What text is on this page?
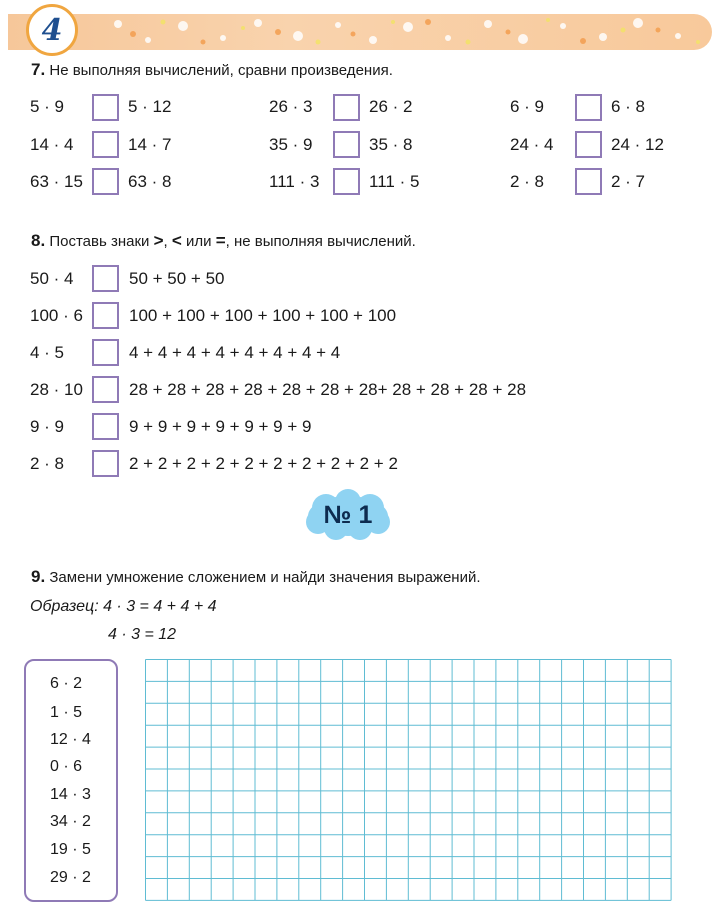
4
7. Не выполняя вычислений, сравни произведения.
5 · 9	5 · 12	26 · 3	26 · 2	6 · 9	6 · 8
14 · 4	14 · 7	35 · 9	35 · 8	24 · 4	24 · 12
63 · 15	63 · 8	111 · 3	111 · 5	2 · 8	2 · 7
8. Поставь знаки >, < или =, не выполняя вычислений.
50 · 4	50 + 50 + 50
100 · 6	100 + 100 + 100 + 100 + 100 + 100
4 · 5	4 + 4 + 4 + 4 + 4 + 4 + 4 + 4
28 · 10	28 + 28 + 28 + 28 + 28 + 28 + 28+ 28 + 28 + 28 + 28
9 · 9	9 + 9 + 9 + 9 + 9 + 9 + 9
2 · 8	2 + 2 + 2 + 2 + 2 + 2 + 2 + 2 + 2 + 2
№ 1
9. Замени умножение сложением и найди значения выражений.
Образец: 4 · 3 = 4 + 4 + 4
4 · 3 = 12
6 · 2
1 · 5
12 · 4
0 · 6
14 · 3
34 · 2
19 · 5
29 · 2
